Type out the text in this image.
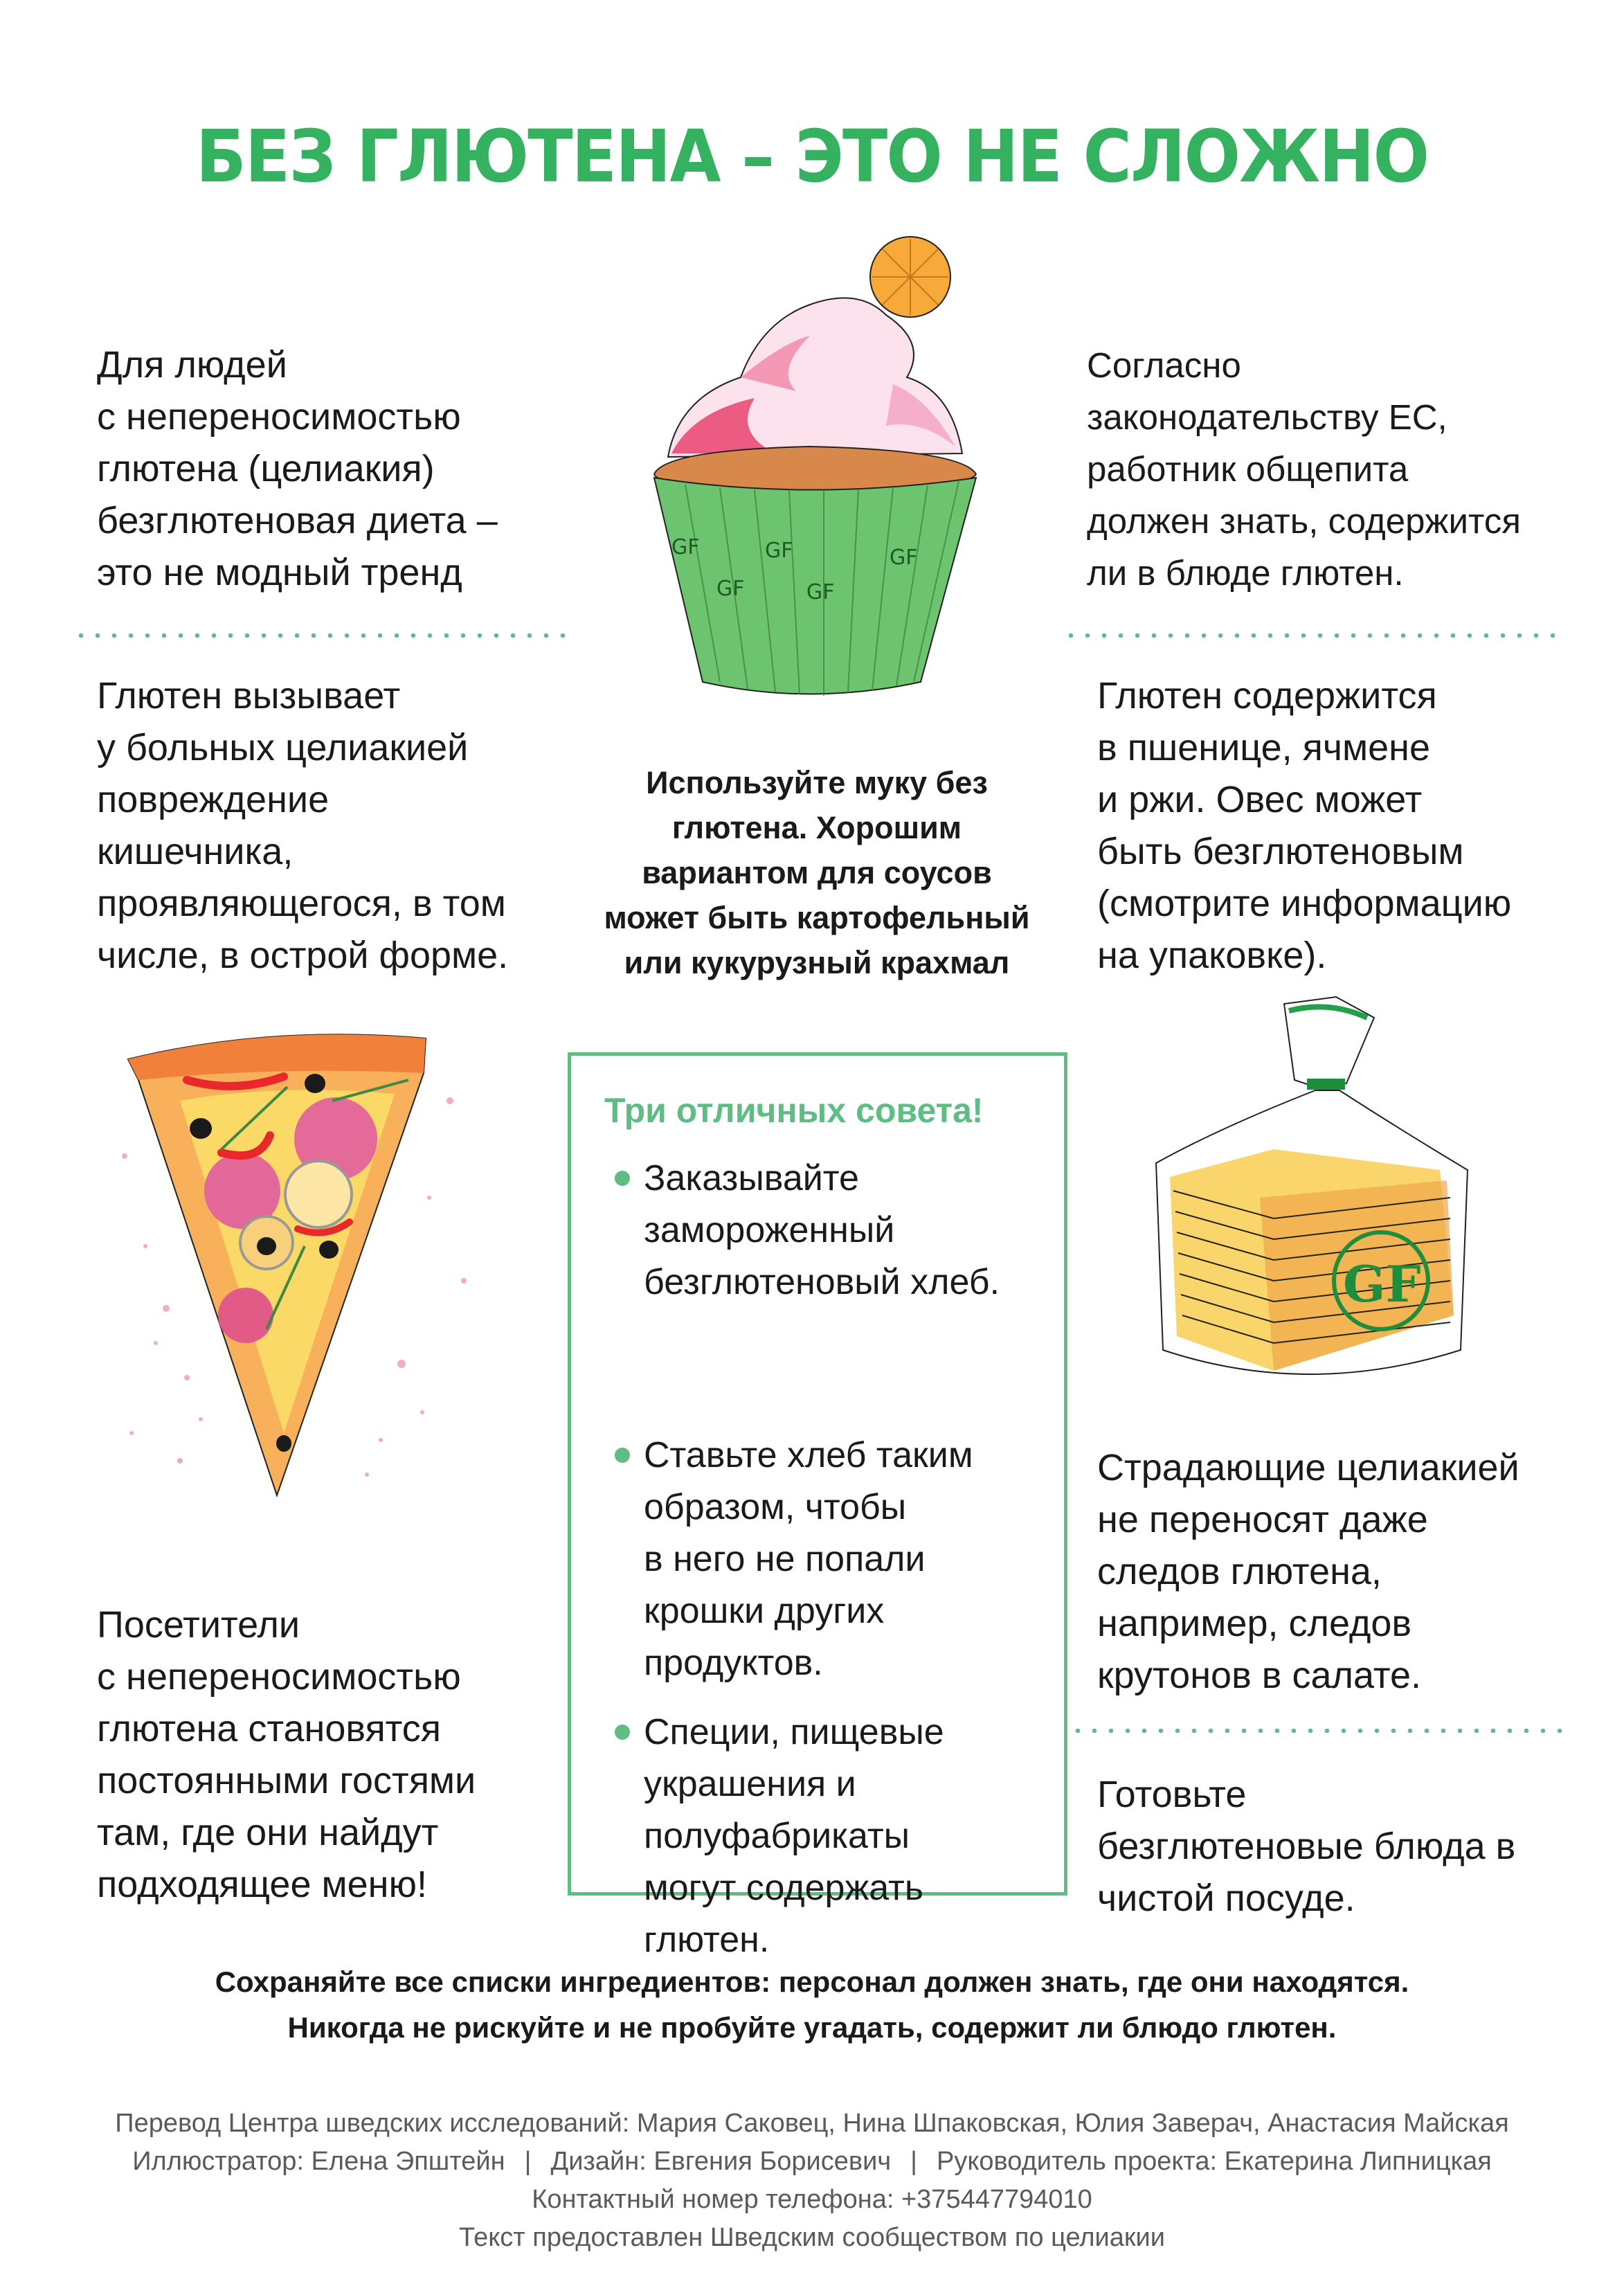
БЕЗ ГЛЮТЕНА – ЭТО НЕ СЛОЖНО
Для людей
с непереносимостью
глютена (целиакия)
безглютеновая диета –
это не модный тренд
Глютен вызывает
у больных целиакией
повреждение
кишечника,
проявляющегося, в том
числе, в острой форме.
Посетители
с непереносимостью
глютена становятся
постоянными гостями
там, где они найдут
подходящее меню!
GF	GF	GF
GF	GF
Используйте муку без
глютена. Хорошим
вариантом для соусов
может быть картофельный
или кукурузный крахмал
Три отличных совета!
Заказывайте
замороженный
безглютеновый хлеб.
Ставьте хлеб таким
образом, чтобы
в него не попали
крошки других
продуктов.
Специи, пищевые
украшения и
полуфабрикаты
могут содержать
глютен.
Согласно
законодательству ЕС,
работник общепита
должен знать, содержится
ли в блюде глютен.
Глютен содержится
в пшенице, ячмене
и ржи. Овес может
быть безглютеновым
(смотрите информацию
на упаковке).
GF
Страдающие целиакией
не переносят даже
следов глютена,
например, следов
крутонов в салате.
Готовьте
безглютеновые блюда в
чистой посуде.
Сохраняйте все списки ингредиентов: персонал должен знать, где они находятся.
Никогда не рискуйте и не пробуйте угадать, содержит ли блюдо глютен.
Перевод Центра шведских исследований: Мария Саковец, Нина Шпаковская, Юлия Заверач, Анастасия Майская
Иллюстратор: Елена Эпштейн | Дизайн: Евгения Борисевич | Руководитель проекта: Екатерина Липницкая
Контактный номер телефона: +375447794010
Текст предоставлен Шведским сообществом по целиакии
